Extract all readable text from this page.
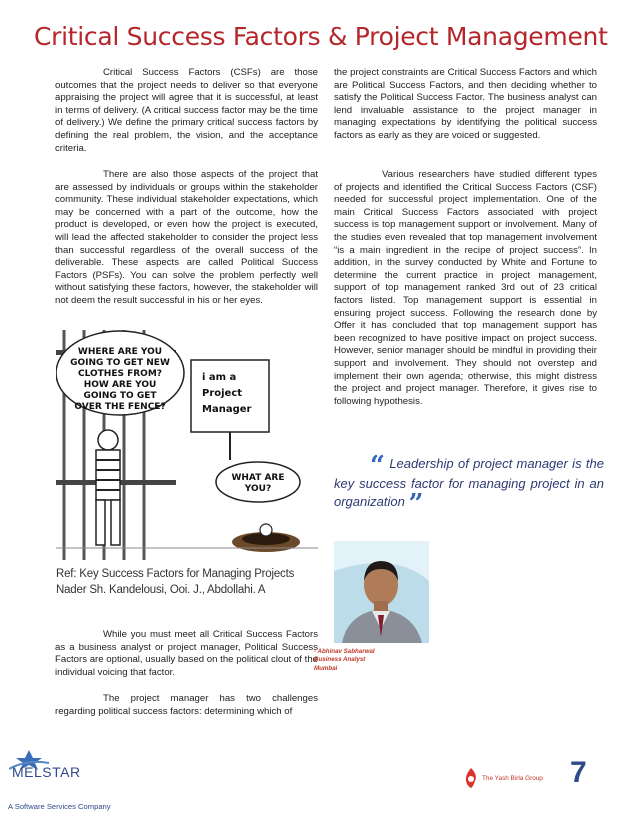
Critical Success Factors & Project Management

Critical Success Factors (CSFs) are those outcomes that the project needs to deliver so that everyone appraising the project will agree that it is successful, at least in terms of delivery. (A critical success factor may be the time of delivery.) We define the primary critical success factors by defining the real problem, the vision, and the acceptance criteria.

There are also those aspects of the project that are assessed by individuals or groups within the stakeholder community. These individual stakeholder expectations, which may be concerned with a part of the outcome, how the product is developed, or even how the project is executed, will lead the affected stakeholder to consider the project less than successful regardless of the overall success of the deliverable. These aspects are called Political Success Factors (PSFs). You can solve the problem perfectly well without satisfying these factors, however, the stakeholder will not deem the result successful in his or her eyes.

WHERE ARE YOU
GOING TO GET NEW
CLOTHES FROM?
HOW ARE YOU
GOING TO GET
OVER THE FENCE?
i am a
Project
Manager
WHAT ARE
YOU?
Ref: Key Success Factors for Managing Projects
Nader Sh. Kandelousi, Ooi. J., Abdollahi. A

While you must meet all Critical Success Factors as a business analyst or project manager, Political Success Factors are optional, usually based on the political clout of the individual voicing that factor.

The project manager has two challenges regarding political success factors: determining which of

the project constraints are Critical Success Factors and which are Political Success Factors, and then deciding whether to satisfy the Political Success Factor. The business analyst can lend invaluable assistance to the project manager in managing expectations by identifying the political success factors as early as they are voiced or suggested.

Various researchers have studied different types of projects and identified the Critical Success Factors (CSF) needed for successful project implementation. One of the main Critical Success Factors associated with project success is top management support or involvement. Many of the studies even revealed that top management involvement “is a main ingredient in the recipe of project success”. In addition, in the survey conducted by White and Fortune to determine the current practice in project management, support of top management ranked 3rd out of 23 critical factors listed. Top management support is essential in ensuring project success. Following the research done by Offer it has concluded that top management support has been recognized to have positive impact on project success. However, senior manager should be mindful in providing their support and involvement. They should not overstep and implement their own agenda; otherwise, this might distress the project and project manager. Therefore, it gives rise to following hypothesis.

“ Leadership of project manager is the key success factor for managing project in an organization ”
- Abhinav Sabharwal
Business Analyst
Mumbai
MELSTAR
A Software Services Company
The Yash Birla Group 7
